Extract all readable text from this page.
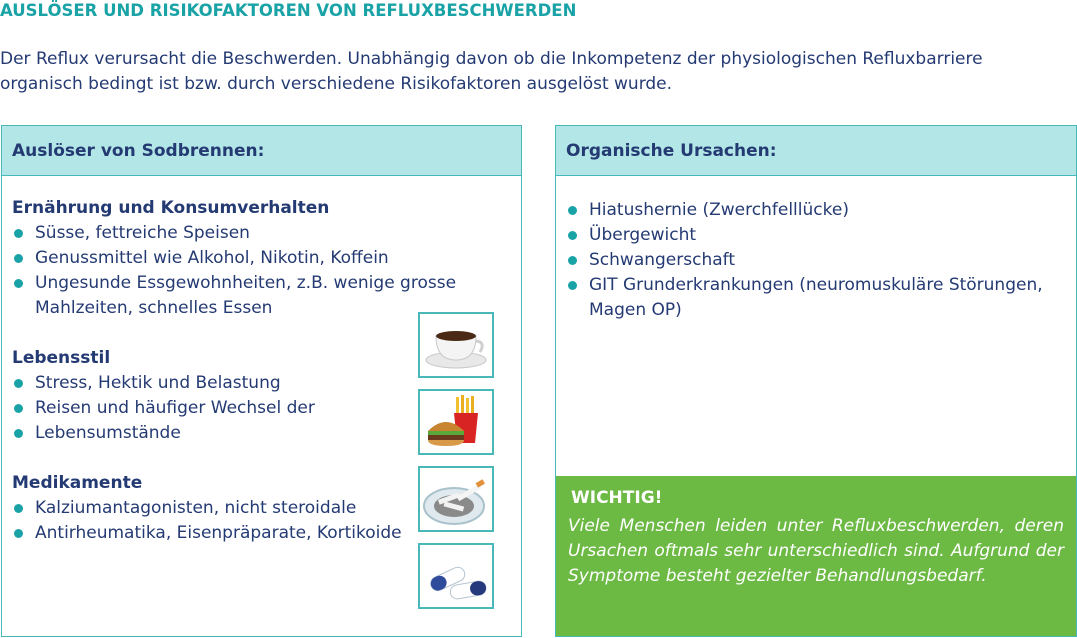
AUSLÖSER UND RISIKOFAKTOREN VON REFLUXBESCHWERDEN
Der Reflux verursacht die Beschwerden. Unabhängig davon ob die Inkompetenz der physiologischen Refluxbarriere organisch bedingt ist bzw. durch verschiedene Risikofaktoren ausgelöst wurde.
Auslöser von Sodbrennen:
Ernährung und Konsumverhalten
Süsse, fettreiche Speisen
Genussmittel wie Alkohol, Nikotin, Koffein
Ungesunde Essgewohnheiten, z.B. wenige grosse Mahlzeiten, schnelles Essen
Lebensstil
Stress, Hektik und Belastung
Reisen und häufiger Wechsel der
Lebensumstände
Medikamente
Kalziumantagonisten, nicht steroidale
Antirheumatika, Eisenpräparate, Kortikoide
Organische Ursachen:
Hiatushernie (Zwerchfelllücke)
Übergewicht
Schwangerschaft
GIT Grunderkrankungen (neuromuskuläre Störungen, Magen OP)
WICHTIG!
Viele Menschen leiden unter Refluxbeschwerden, deren Ursachen oftmals sehr unterschiedlich sind. Aufgrund der Symptome besteht gezielter Behandlungsbedarf.
